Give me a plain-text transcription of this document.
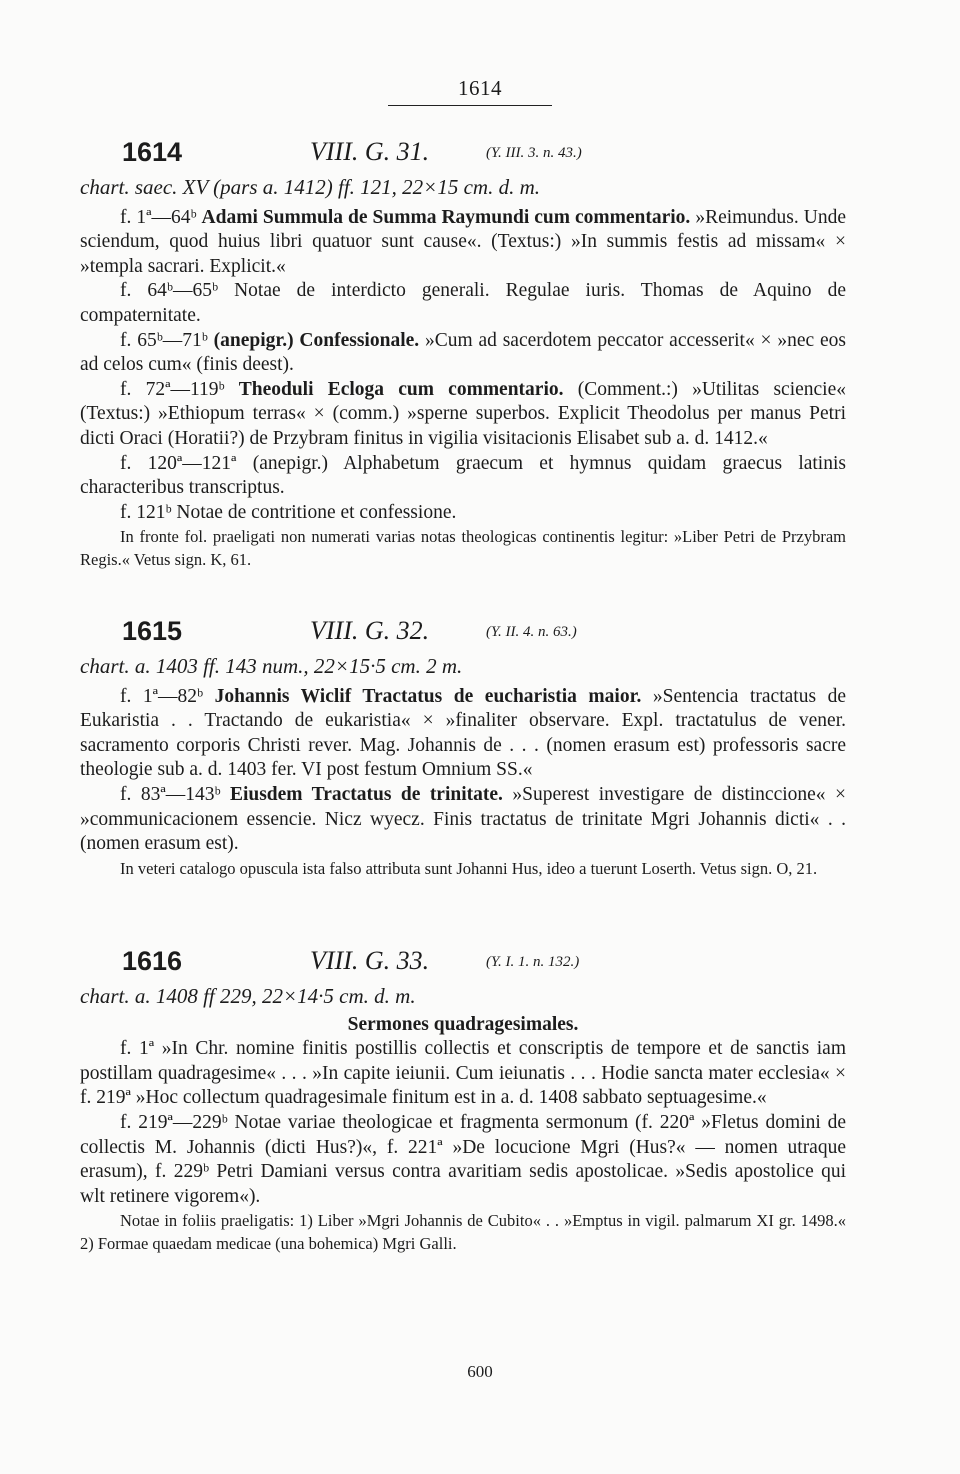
1614
1614	VIII. G. 31.	(Y. III. 3. n. 43.)

chart. saec. XV (pars a. 1412) ff. 121, 22×15 cm. d. m.

f. 1ª—64ᵇ Adami Summula de Summa Raymundi cum commentario. »Reimundus. Unde sciendum, quod huius libri quatuor sunt cause«. (Textus:) »In summis festis ad missam« × »templa sacrari. Explicit.«

f. 64ᵇ—65ᵇ Notae de interdicto generali. Regulae iuris. Thomas de Aquino de compaternitate.

f. 65ᵇ—71ᵇ (anepigr.) Confessionale. »Cum ad sacerdotem peccator accesserit« × »nec eos ad celos cum« (finis deest).

f. 72ª—119ᵇ Theoduli Ecloga cum commentario. (Comment.:) »Utilitas sciencie« (Textus:) »Ethiopum terras« × (comm.) »sperne superbos. Explicit Theodolus per manus Petri dicti Oraci (Horatii?) de Przybram finitus in vigilia visitacionis Elisabet sub a. d. 1412.«

f. 120ª—121ª (anepigr.) Alphabetum graecum et hymnus quidam graecus latinis characteribus transcriptus.

f. 121ᵇ Notae de contritione et confessione.

In fronte fol. praeligati non numerati varias notas theologicas continentis legitur: »Liber Petri de Przybram Regis.« Vetus sign. K, 61.

1615	VIII. G. 32.	(Y. II. 4. n. 63.)

chart. a. 1403 ff. 143 num., 22×15·5 cm. 2 m.

f. 1ª—82ᵇ Johannis Wiclif Tractatus de eucharistia maior. »Sentencia tractatus de Eukaristia . . Tractando de eukaristia« × »finaliter observare. Expl. tractatulus de vener. sacramento corporis Christi rever. Mag. Johannis de . . . (nomen erasum est) professoris sacre theologie sub a. d. 1403 fer. VI post festum Omnium SS.«

f. 83ª—143ᵇ Eiusdem Tractatus de trinitate. »Superest investigare de distinccione« × »communicacionem essencie. Nicz wyecz. Finis tractatus de trinitate Mgri Johannis dicti« . . (nomen erasum est).

In veteri catalogo opuscula ista falso attributa sunt Johanni Hus, ideo a tuerunt Loserth. Vetus sign. O, 21.

1616	VIII. G. 33.	(Y. I. 1. n. 132.)

chart. a. 1408 ff 229, 22×14·5 cm. d. m.

Sermones quadragesimales.

f. 1ª »In Chr. nomine finitis postillis collectis et conscriptis de tempore et de sanctis iam postillam quadragesime« . . . »In capite ieiunii. Cum ieiunatis . . . Hodie sancta mater ecclesia« × f. 219ª »Hoc collectum quadragesimale finitum est in a. d. 1408 sabbato septuagesime.«

f. 219ª—229ᵇ Notae variae theologicae et fragmenta sermonum (f. 220ª »Fletus domini de collectis M. Johannis (dicti Hus?)«, f. 221ª »De locucione Mgri (Hus?« — nomen utraque erasum), f. 229ᵇ Petri Damiani versus contra avaritiam sedis apostolicae. »Sedis apostolice qui wlt retinere vigorem«).

Notae in foliis praeligatis: 1) Liber »Mgri Johannis de Cubito« . . »Emptus in vigil. palmarum XI gr. 1498.« 2) Formae quaedam medicae (una bohemica) Mgri Galli.

600
